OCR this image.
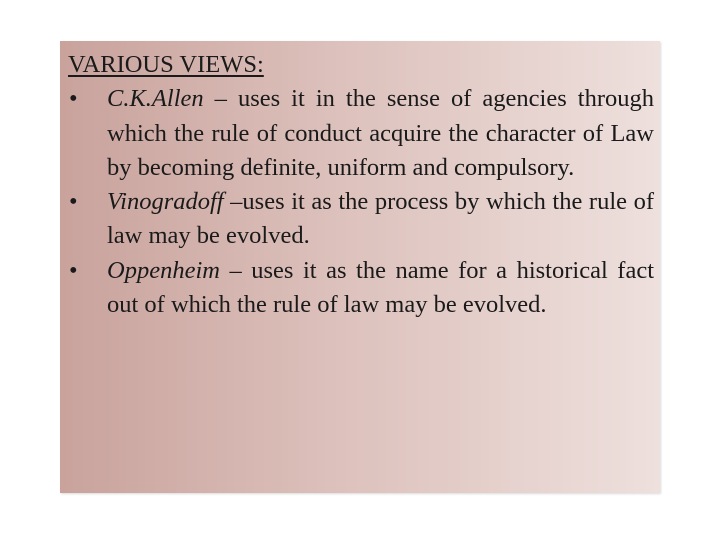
VARIOUS VIEWS:

• C.K.Allen – uses it in the sense of agencies through which the rule of conduct acquire the character of Law by becoming definite, uniform and compulsory.
• Vinogradoff –uses it as the process by which the rule of law may be evolved.
• Oppenheim – uses it as the name for a historical fact out of which the rule of law may be evolved.
